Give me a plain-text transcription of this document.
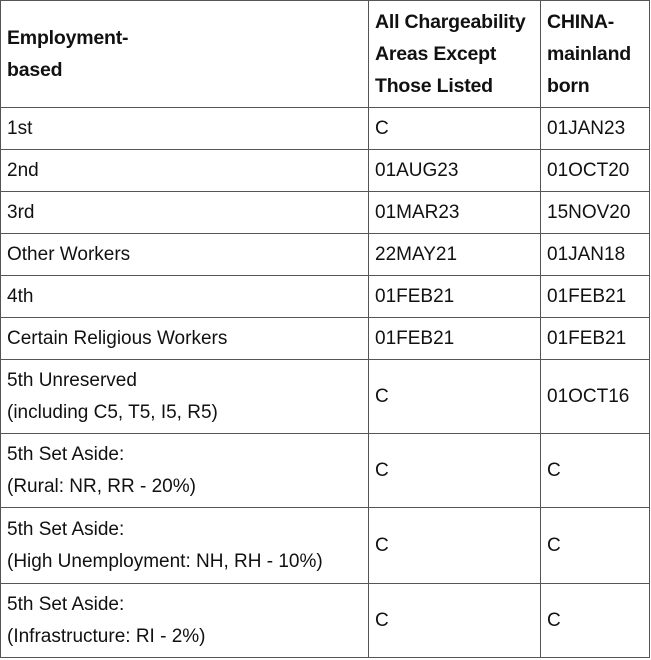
Employment-
based	All Chargeability
Areas Except
Those Listed	CHINA-
mainland
born

1st	C	01JAN23
2nd	01AUG23	01OCT20
3rd	01MAR23	15NOV20
Other Workers	22MAY21	01JAN18
4th	01FEB21	01FEB21
Certain Religious Workers	01FEB21	01FEB21

5th Unreserved
(including C5, T5, I5, R5)	C	01OCT16

5th Set Aside:
(Rural: NR, RR - 20%)	C	C

5th Set Aside:
(High Unemployment: NH, RH - 10%)	C	C

5th Set Aside:
(Infrastructure: RI - 2%)	C	C
